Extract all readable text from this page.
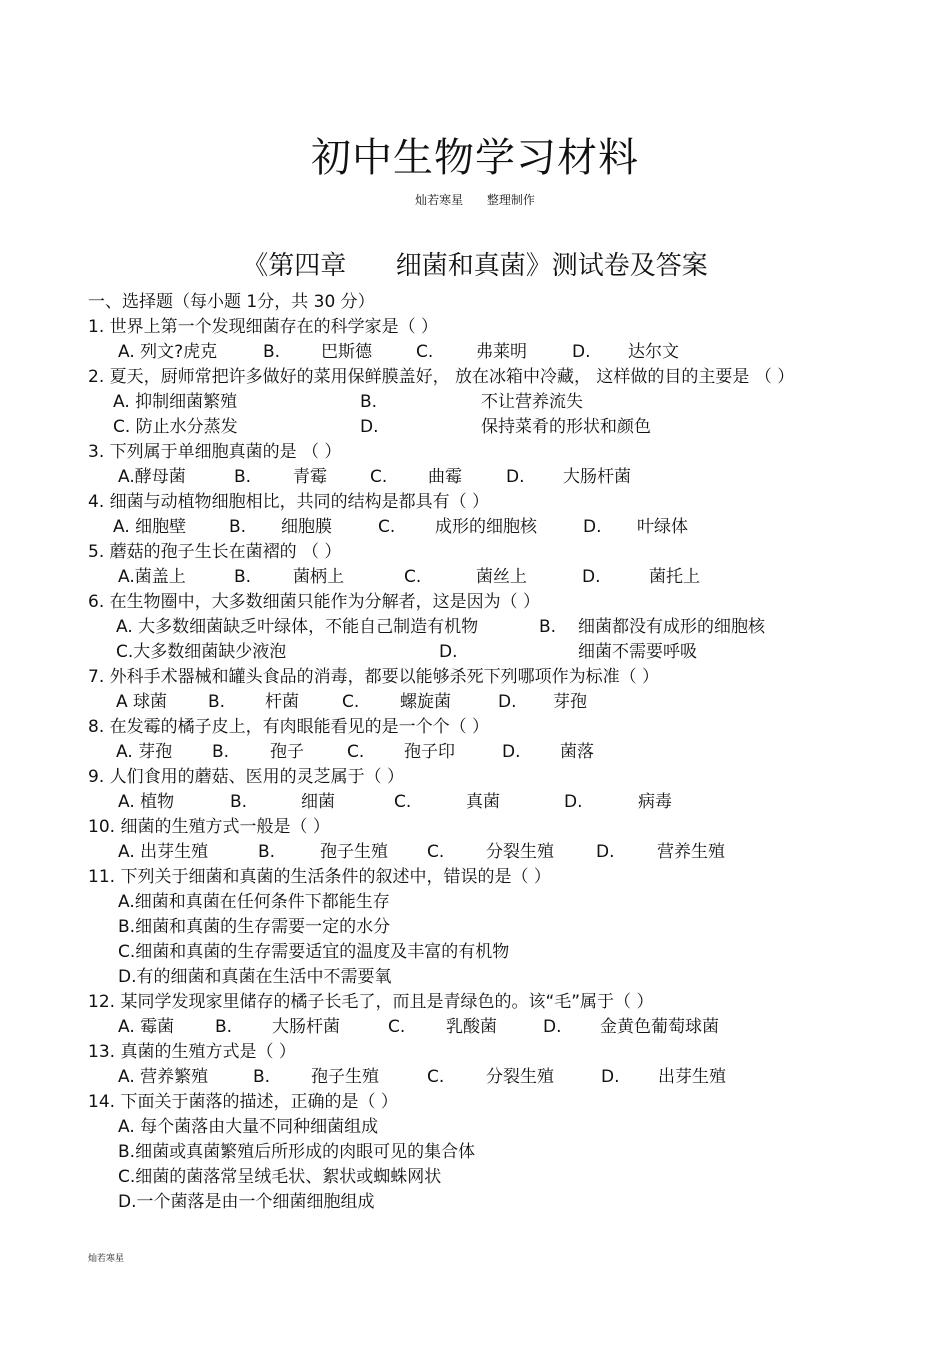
初中生物学习材料
灿若寒星 整理制作
《第四章      细菌和真菌》测试卷及答案
一、选择题（每小题 1分，共 30 分）
1. 世界上第一个发现细菌存在的科学家是（ ）
A. 列文?虎克	B. 巴斯德	C.	弗莱明	D. 达尔文
2. 夏天，厨师常把许多做好的菜用保鲜膜盖好， 放在冰箱中冷藏， 这样做的目的主要是 （ ）
A. 抑制细菌繁殖	B.	不让营养流失
C. 防止水分蒸发	D.	保持菜肴的形状和颜色
3. 下列属于单细胞真菌的是 （ ）
A.酵母菌	B. 青霉	C. 曲霉	D. 大肠杆菌
4. 细菌与动植物细胞相比，共同的结构是都具有（ ）
A. 细胞壁	B. 细胞膜	C. 成形的细胞核	D. 叶绿体
5. 蘑菇的孢子生长在菌褶的 （ ）
A.菌盖上	B. 菌柄上	C.	菌丝上	D.	菌托上
6. 在生物圈中，大多数细菌只能作为分解者，这是因为（ ）
A. 大多数细菌缺乏叶绿体，不能自己制造有机物	B. 细菌都没有成形的细胞核
C.大多数细菌缺少液泡	D.	细菌不需要呼吸
7. 外科手术器械和罐头食品的消毒，都要以能够杀死下列哪项作为标准（ ）
A 球菌 B. 杆菌	C. 螺旋菌	D. 芽孢
8. 在发霉的橘子皮上，有肉眼能看见的是一个个（ ）
A. 芽孢 B. 孢子	C. 孢子印	D. 菌落
9. 人们食用的蘑菇、医用的灵芝属于（ ）
A. 植物	B.	细菌	C.	真菌	D.	病毒
10. 细菌的生殖方式一般是（ ）
A. 出芽生殖	B.	孢子生殖 C. 分裂生殖 D.	营养生殖
11. 下列关于细菌和真菌的生活条件的叙述中，错误的是（ ）
A.细菌和真菌在任何条件下都能生存
B.细菌和真菌的生存需要一定的水分
C.细菌和真菌的生存需要适宜的温度及丰富的有机物
D.有的细菌和真菌在生活中不需要氧
12. 某同学发现家里储存的橘子长毛了，而且是青绿色的。该“毛”属于（ ）
A. 霉菌 B. 大肠杆菌	C. 乳酸菌	D. 金黄色葡萄球菌
13. 真菌的生殖方式是（ ）
A. 营养繁殖	B. 孢子生殖	C. 分裂生殖	D. 出芽生殖
14. 下面关于菌落的描述，正确的是（ ）
A. 每个菌落由大量不同种细菌组成
B.细菌或真菌繁殖后所形成的肉眼可见的集合体
C.细菌的菌落常呈绒毛状、絮状或蜘蛛网状
D.一个菌落是由一个细菌细胞组成
灿若寒星
